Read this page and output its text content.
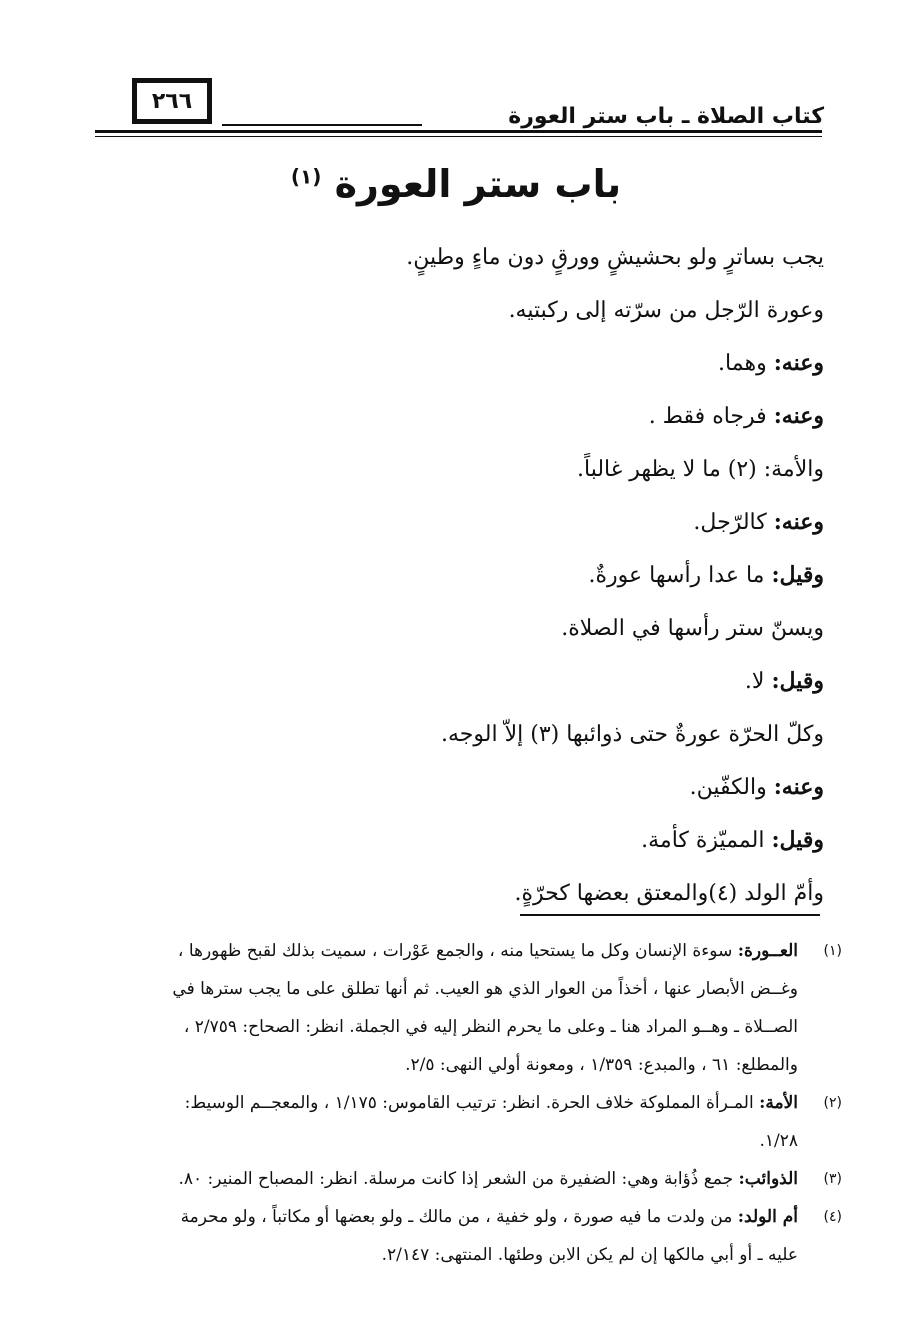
٢٦٦
كتاب الصلاة ـ باب ستر العورة
باب ستر العورة $^{(١)}$
يجب بساترٍ ولو بحشيشٍ وورقٍ دون ماءٍ وطينٍ.
وعورة الرّجل من سرّته إلى ركبتيه.
وعنه: وهما.
وعنه: فرجاه فقط .
والأمة: (٢) ما لا يظهر غالباً.
وعنه: كالرّجل.
وقيل: ما عدا رأسها عورةٌ.
ويسنّ ستر رأسها في الصلاة.
وقيل: لا.
وكلّ الحرّة عورةٌ حتى ذوائبها (٣) إلاّ الوجه.
وعنه: والكفّين.
وقيل: المميّزة كأمة.
وأمّ الولد (٤)والمعتق بعضها كحرّةٍ.
(١)
العــورة: سوءة الإنسان وكل ما يستحيا منه ، والجمع عَوْرات ، سميت بذلك لقبح ظهورها ،
وغــض الأبصار عنها ، أخذاً من العوار الذي هو العيب. ثم أنها تطلق على ما يجب سترها في
الصــلاة ـ وهــو المراد هنا ـ وعلى ما يحرم النظر إليه في الجملة. انظر: الصحاح: ٢/٧٥٩ ،
والمطلع: ٦١ ، والمبدع: ١/٣٥٩ ، ومعونة أولي النهى: ٢/٥.
(٢)
الأمة: المـرأة المملوكة خلاف الحرة. انظر: ترتيب القاموس: ١/١٧٥ ، والمعجــم الوسيط:
١/٢٨.
(٣)
الذوائب: جمع ذُؤابة وهي: الضفيرة من الشعر إذا كانت مرسلة. انظر: المصباح المنير: ٨٠.
(٤)
أم الولد: من ولدت ما فيه صورة ، ولو خفية ، من مالك ـ ولو بعضها أو مكاتباً ، ولو محرمة
عليه ـ أو أبي مالكها إن لم يكن الابن وطئها. المنتهى: ٢/١٤٧.
